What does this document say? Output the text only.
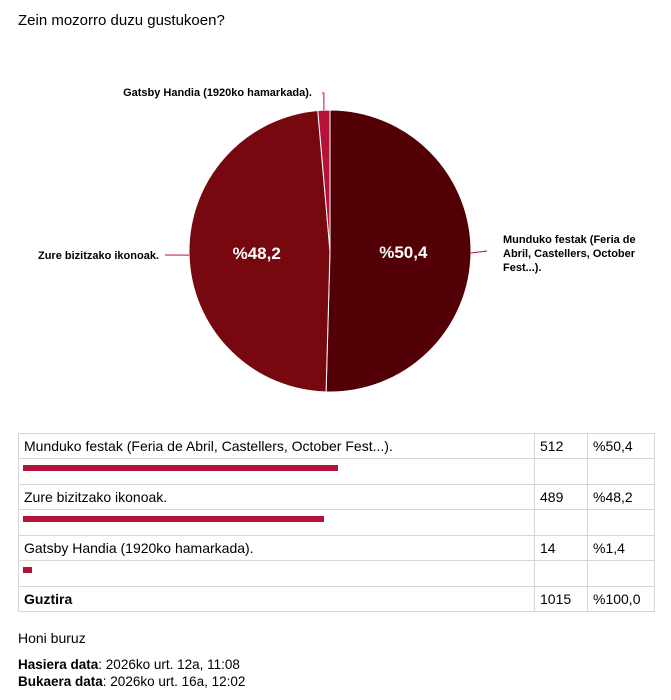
Zein mozorro duzu gustukoen?
%50,4
Munduko festak (Feria de Abril, Castellers, October Fest...).
%48,2
Zure bizitzako ikonoak.
Gatsby Handia (1920ko hamarkada).
Munduko festak (Feria de Abril, Castellers, October Fest...).	512	%50,4

Zure bizitzako ikonoak.	489	%48,2

Gatsby Handia (1920ko hamarkada).	14	%1,4

Guztira	1015	%100,0
Honi buruz
Hasiera data: 2026ko urt. 12a, 11:08
Bukaera data: 2026ko urt. 16a, 12:02
